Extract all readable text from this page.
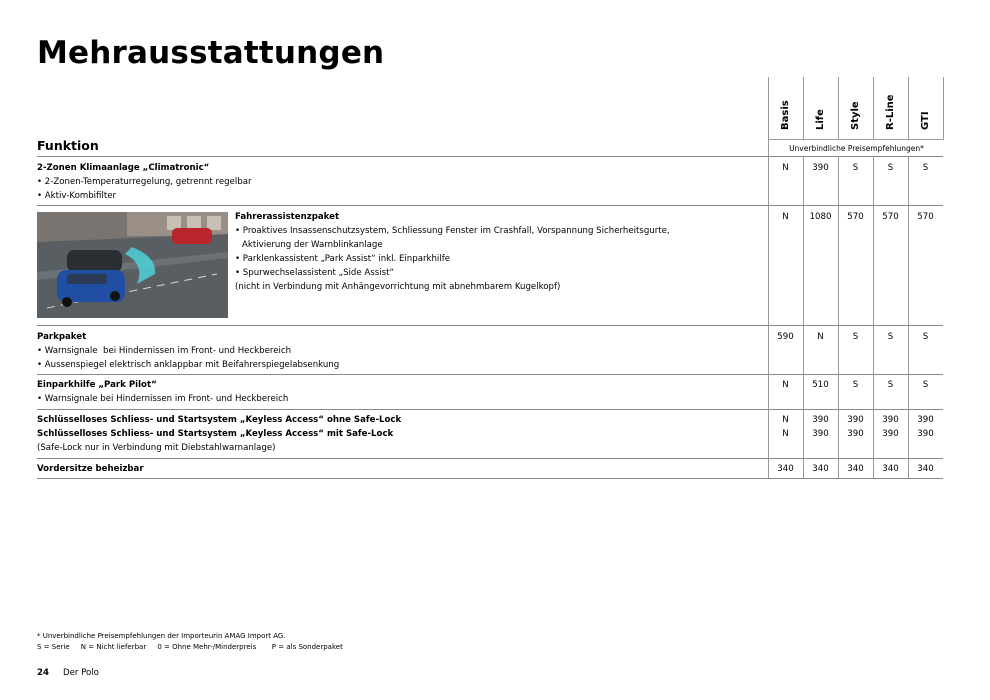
Mehrausstattungen
Basis Life Style R-Line GTI
Funktion	Unverbindliche Preisempfehlungen*
2-Zonen Klimaanlage „Climatronic“
• 2-Zonen-Temperaturregelung, getrennt regelbar
• Aktiv-Kombifilter
N	390	S	S	S
Fahrerassistenzpaket
• Proaktives Insassenschutzsystem, Schliessung Fenster im Crashfall, Vorspannung Sicherheitsgurte,
Aktivierung der Warnblinkanlage
• Parklenkassistent „Park Assist“ inkl. Einparkhilfe
• Spurwechselassistent „Side Assist“
(nicht in Verbindung mit Anhängevorrichtung mit abnehmbarem Kugelkopf)
N	1080	570	570	570
Parkpaket
• Warnsignale  bei Hindernissen im Front- und Heckbereich
• Aussenspiegel elektrisch anklappbar mit Beifahrerspiegelabsenkung
590	N	S	S	S
Einparkhilfe „Park Pilot“
• Warnsignale bei Hindernissen im Front- und Heckbereich
N	510	S	S	S
Schlüsselloses Schliess- und Startsystem „Keyless Access“ ohne Safe-Lock
Schlüsselloses Schliess- und Startsystem „Keyless Access“ mit Safe-Lock
(Safe-Lock nur in Verbindung mit Diebstahlwarnanlage)
N	390	390	390	390
N	390	390	390	390
Vordersitze beheizbar	340	340	340	340	340
* Unverbindliche Preisempfehlungen der Importeurin AMAG Import AG.
S = Serie     N = Nicht lieferbar     0 = Ohne Mehr-/Minderpreis       P = als Sonderpaket
24 Der Polo
